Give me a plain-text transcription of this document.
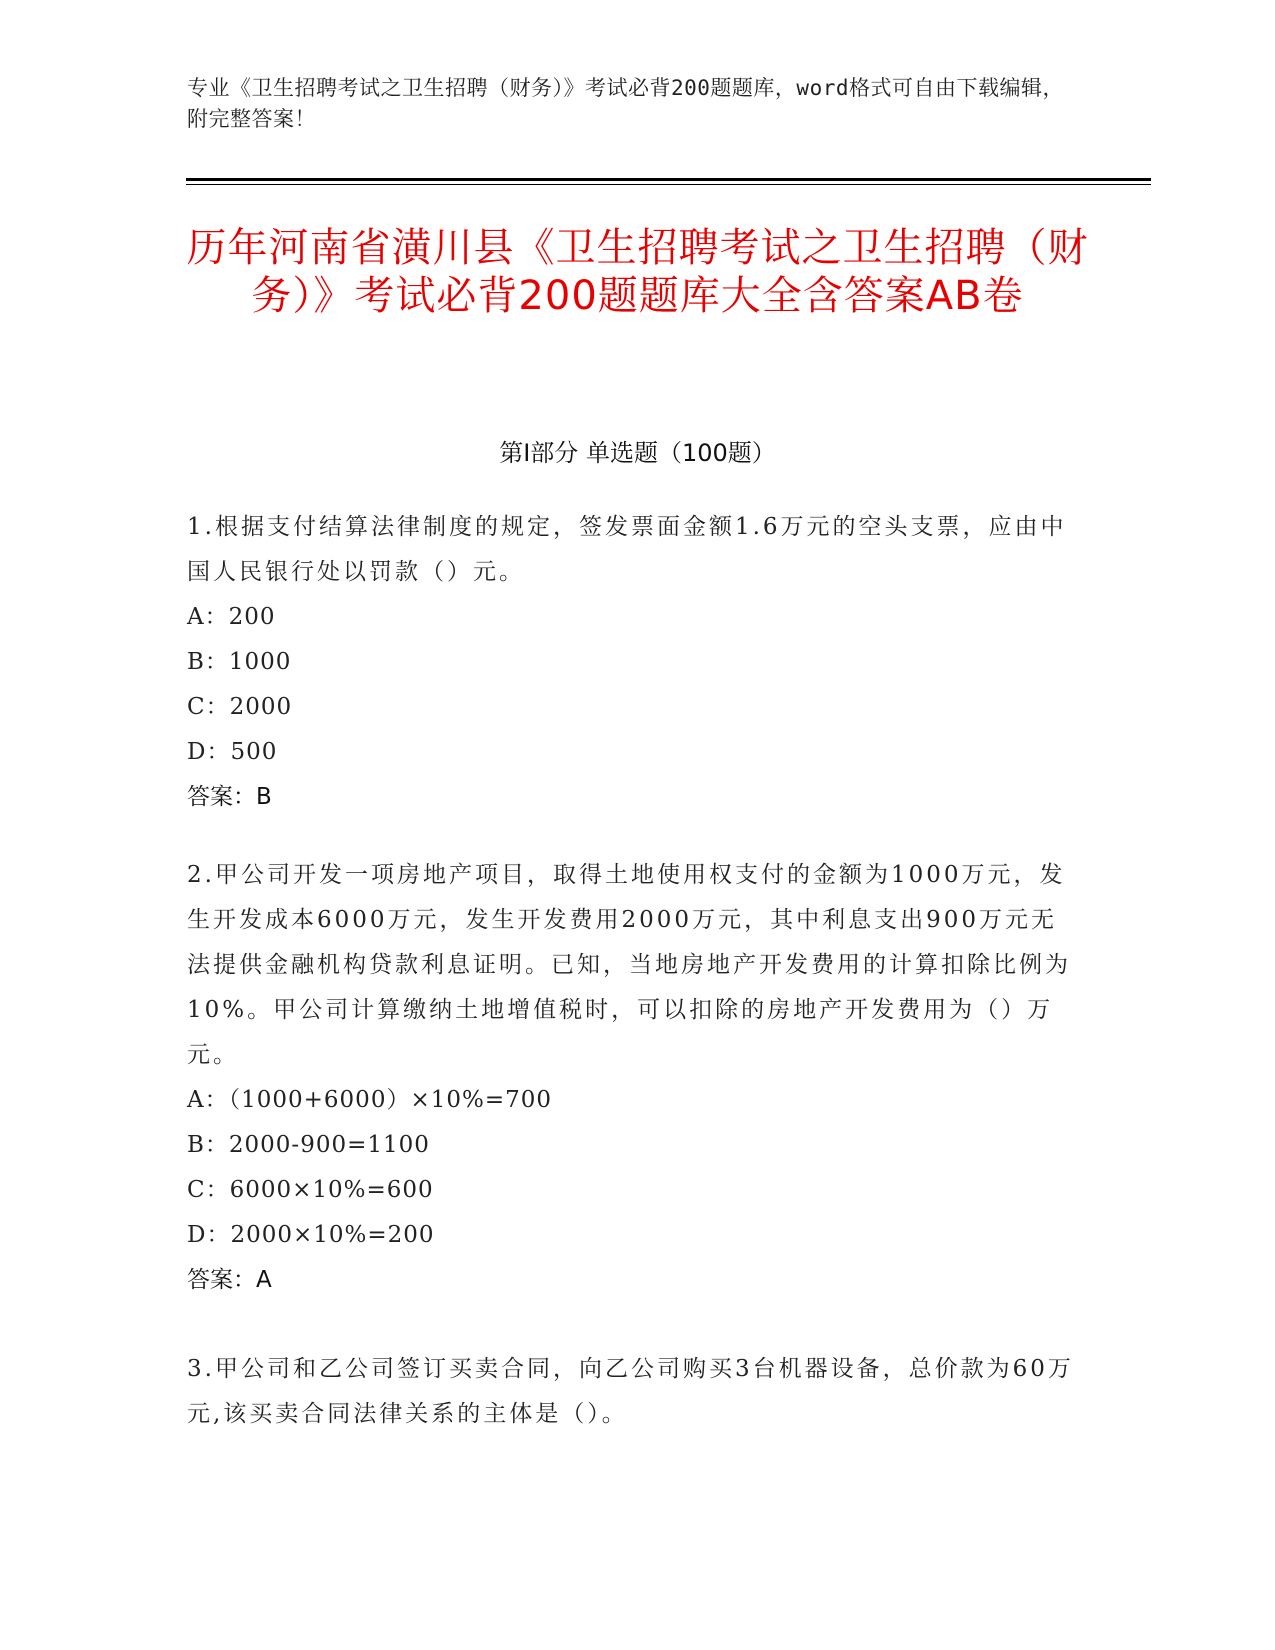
专业《卫生招聘考试之卫生招聘（财务）》考试必背200题题库，word格式可自由下载编辑，附完整答案！
历年河南省潢川县《卫生招聘考试之卫生招聘（财务）》考试必背200题题库大全含答案AB卷
第Ⅰ部分 单选题（100题）

1.根据支付结算法律制度的规定，签发票面金额1.6万元的空头支票，应由中国人民银行处以罚款（）元。

A：200

B：1000

C：2000

D：500

答案：B

2.甲公司开发一项房地产项目，取得土地使用权支付的金额为1000万元，发生开发成本6000万元，发生开发费用2000万元，其中利息支出900万元无法提供金融机构贷款利息证明。已知，当地房地产开发费用的计算扣除比例为10%。甲公司计算缴纳土地增值税时，可以扣除的房地产开发费用为（）万元。

A：（1000+6000）×10%=700

B：2000-900=1100

C：6000×10%=600

D：2000×10%=200

答案：A

3.甲公司和乙公司签订买卖合同，向乙公司购买3台机器设备，总价款为60万元,该买卖合同法律关系的主体是（）。
